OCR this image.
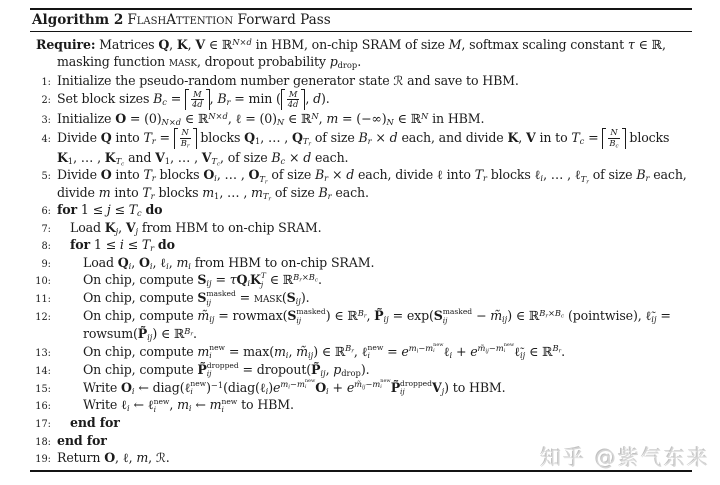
Algorithm 2 FlashAttention Forward Pass
Require: Matrices Q, K, V ∈ ℝ$^{N\times d}$ in HBM, on-chip SRAM of size M, softmax scaling constant τ ∈ ℝ, masking function mask, dropout probability $p_{drop}$.
1: Initialize the pseudo-random number generator state ℛ and save to HBM.
2: Set block sizes $B_c = \frac{M}{4d}$ , $B_r = \min$ ( $\frac{M}{4d}$ , d).
3: Initialize $O = (0)_{N\times d}$ ∈ ℝ$^{N\times d}$, ℓ = $(0)_N$ ∈ ℝ$^N$, $m = (-\infty)_N$ ∈ ℝ$^N$ in HBM.
4: Divide Q into $T_r = \frac{N}{B_r}$ blocks $Q_1$, … , $Q_{T_r}$ of size $B_r \times d$ each, and divide K, V in to $T_c = \frac{N}{B_c}$ blocks $K_1$, … , $K_{T_c}$ and $V_1$, … , $V_{T_c}$, of size $B_c \times d$ each.
5: Divide O into $T_r$ blocks $O_i$, … , $O_{T_r}$ of size $B_r \times d$ each, divide ℓ into $T_r$ blocks ℓ$_i$, … , ℓ$_{T_r}$ of size $B_r$ each, divide m into $T_r$ blocks $m_1$, … , $m_{T_r}$ of size $B_r$ each.
6: for $1 \le j \le T_c$ do
7:	Load $K_j$, $V_j$ from HBM to on-chip SRAM.
8:	for $1 \le i \le T_r$ do
9:	Load $Q_i$, $O_i$, ℓ$_i$, $m_i$ from HBM to on-chip SRAM.
10:	On chip, compute $S_{ij} = \tau Q_iK$ T
j ∈ ℝ$^{B_r\times B_c}$.
11:	On chip, compute S masked
ij = $mask(S_{ij})$.
12:	On chip, compute $m̃_{ij} = rowmax(S$ masked
ij ) ∈ ℝ$^{B_r}$, $P̃_{ij} = \exp(S$ masked
ij − $m̃_{ij}$) ∈ ℝ$^{B_r\times B_c}$ (pointwise), $\ell̃_{ij}$ = $rowsum(P̃_{ij})$ ∈ ℝ$^{B_r}$.
13:	On chip, compute m new
$i = \max(m_i$, $m̃_{ij}$) ∈ ℝ$^{B_r}$, ℓ new
$i = e^{m_i-m new i}$ ℓ$_i$ + $e^{m̃_{ij}-m new i}$ $\ell̃_{ij}$ ∈ ℝ$^{B_r}$.
14:	On chip, compute P̃ dropped
ij = $dropout(P̃_{ij}$, $p_{drop}$).
15:	Write $O_i$ ← diag(ℓ new
i )$^{-1}(diag(\ell_i)e^{m_i-m new i}$ $O_i + e^{m̃_{ij}-m new i}$ P̃ dropped
ij $V_j$) to HBM.
16:	Write ℓ$_i$ ← ℓ new
i , $m_i$ ← m new
i to HBM.
17:	end for
18: end for
19: Return O, ℓ, m, ℛ.	知乎 @紫气东来
